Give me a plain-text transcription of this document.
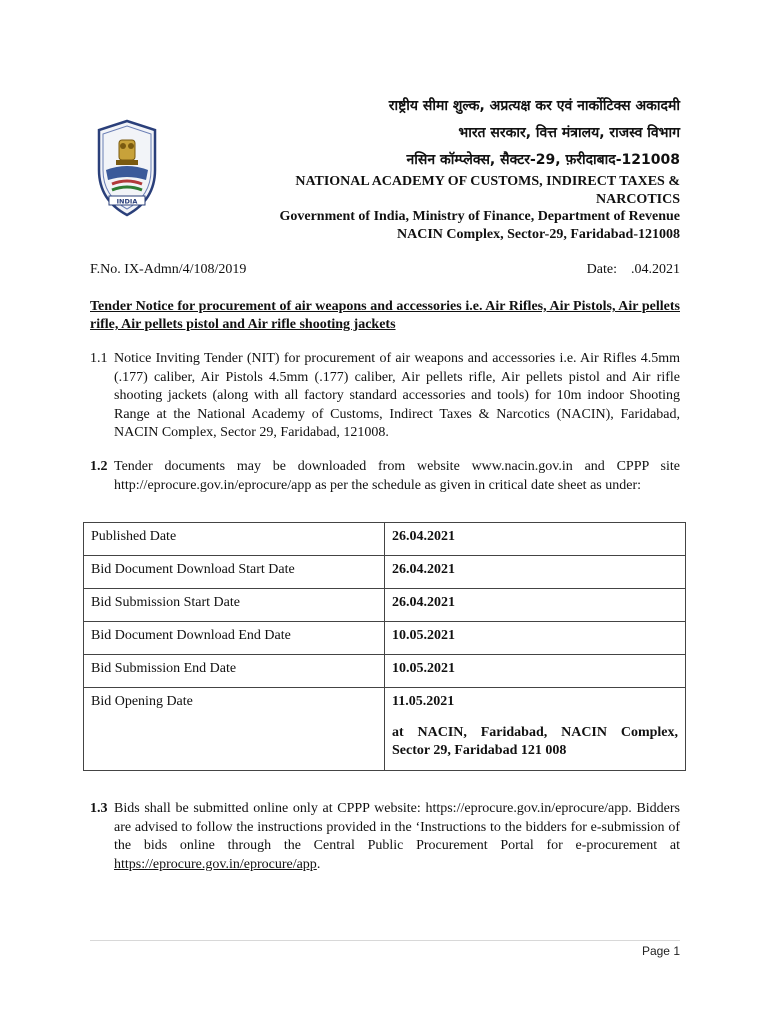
INDIA
राष्ट्रीय सीमा शुल्क, अप्रत्यक्ष कर एवं नार्कोटिक्स अकादमी
भारत सरकार, वित्त मंत्रालय, राजस्व विभाग
नसिन कॉम्प्लेक्स, सैक्टर-29, फ़रीदाबाद-121008
NATIONAL ACADEMY OF CUSTOMS, INDIRECT TAXES &
NARCOTICS
Government of India, Ministry of Finance, Department of Revenue
NACIN Complex, Sector-29, Faridabad-121008
F.No. IX-Admn/4/108/2019	Date:    .04.2021
Tender Notice for procurement of air weapons and accessories i.e. Air Rifles, Air Pistols, Air pellets rifle, Air pellets pistol and Air rifle shooting jackets
1.1 Notice Inviting Tender (NIT) for procurement of air weapons and accessories i.e. Air Rifles 4.5mm (.177) caliber, Air Pistols 4.5mm (.177) caliber, Air pellets rifle, Air pellets pistol and Air rifle shooting jackets (along with all factory standard accessories and tools) for 10m indoor Shooting Range at the National Academy of Customs, Indirect Taxes & Narcotics (NACIN), Faridabad, NACIN Complex, Sector 29, Faridabad, 121008.
1.2 Tender documents may be downloaded from website www.nacin.gov.in and CPPP site http://eprocure.gov.in/eprocure/app as per the schedule as given in critical date sheet as under:
Published Date	26.04.2021
Bid Document Download Start Date	26.04.2021
Bid Submission Start Date	26.04.2021
Bid Document Download End Date	10.05.2021
Bid Submission End Date	10.05.2021
Bid Opening Date	11.05.2021
at NACIN, Faridabad, NACIN Complex, Sector 29, Faridabad 121 008
1.3 Bids shall be submitted online only at CPPP website: https://eprocure.gov.in/eprocure/app. Bidders are advised to follow the instructions provided in the ‘Instructions to the bidders for e-submission of the bids online through the Central Public Procurement Portal for e-procurement at https://eprocure.gov.in/eprocure/app.
Page 1
